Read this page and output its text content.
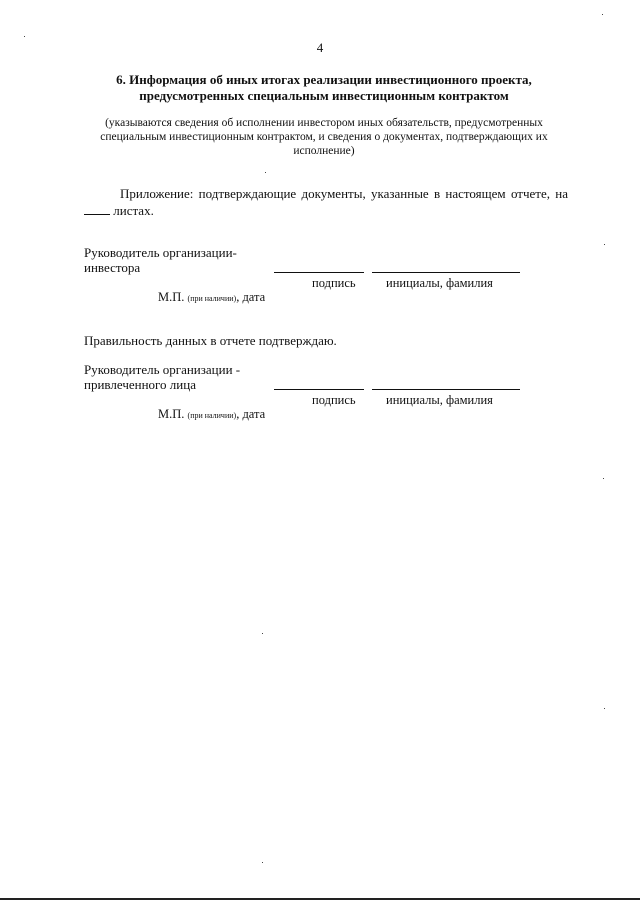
4
6. Информация об иных итогах реализации инвестиционного проекта,
предусмотренных специальным инвестиционным контрактом
(указываются сведения об исполнении инвестором иных обязательств, предусмотренных специальным инвестиционным контрактом, и сведения о документах, подтверждающих их исполнение)
Приложение: подтверждающие документы, указанные в настоящем отчете, на  листах.
Руководитель организации-
инвестора
подпись инициалы, фамилия
М.П. (при наличии), дата
Правильность данных в отчете подтверждаю.
Руководитель организации -
привлеченного лица
подпись инициалы, фамилия
М.П. (при наличии), дата
